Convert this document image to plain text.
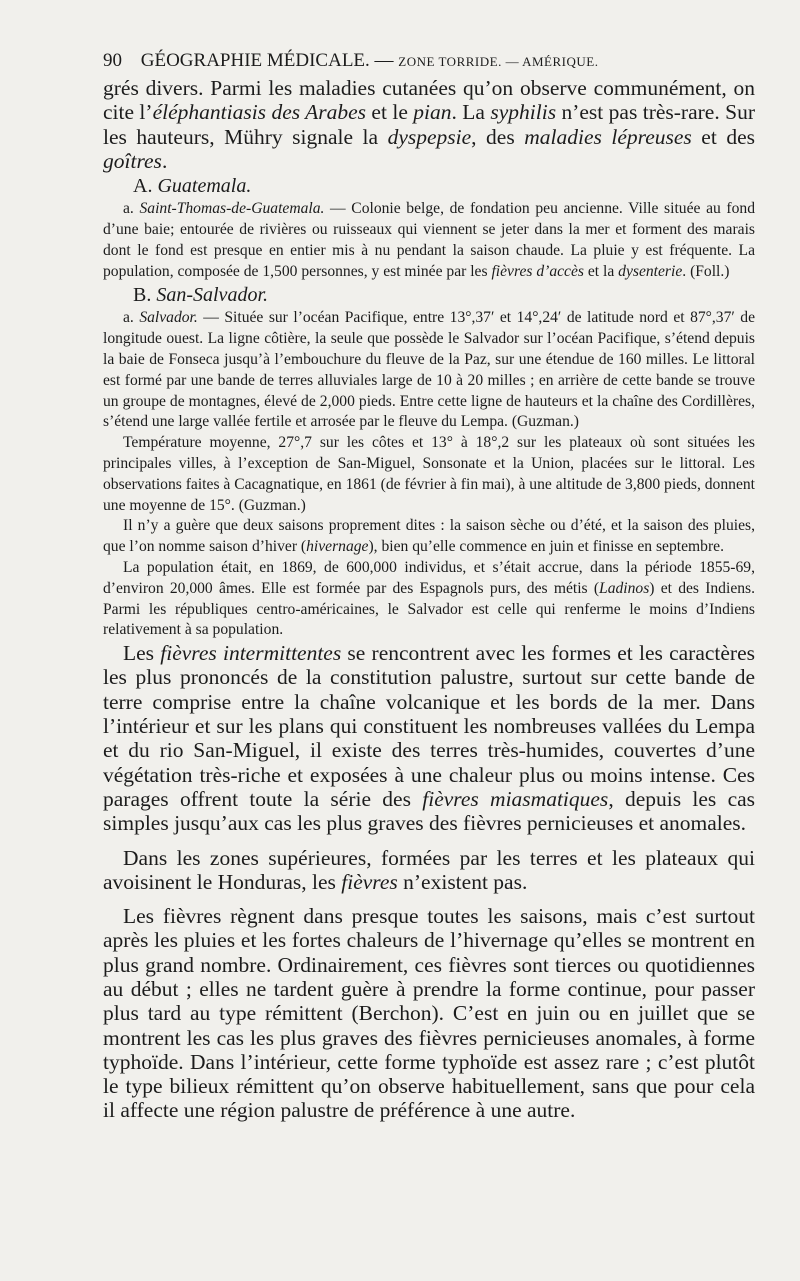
90 GÉOGRAPHIE MÉDICALE. — ZONE TORRIDE. — AMÉRIQUE.

grés divers. Parmi les maladies cutanées qu’on observe communément, on cite l’éléphantiasis des Arabes et le pian. La syphilis n’est pas très-rare. Sur les hauteurs, Mühry signale la dyspepsie, des maladies lépreuses et des goîtres.

A. Guatemala.

a. Saint-Thomas-de-Guatemala. — Colonie belge, de fondation peu ancienne. Ville située au fond d’une baie; entourée de rivières ou ruisseaux qui viennent se jeter dans la mer et forment des marais dont le fond est presque en entier mis à nu pendant la saison chaude. La pluie y est fréquente. La population, composée de 1,500 personnes, y est minée par les fièvres d’accès et la dysenterie. (Foll.)

B. San-Salvador.

a. Salvador. — Située sur l’océan Pacifique, entre 13°,37′ et 14°,24′ de latitude nord et 87°,37′ de longitude ouest. La ligne côtière, la seule que possède le Salvador sur l’océan Pacifique, s’étend depuis la baie de Fonseca jusqu’à l’embouchure du fleuve de la Paz, sur une étendue de 160 milles. Le littoral est formé par une bande de terres alluviales large de 10 à 20 milles ; en arrière de cette bande se trouve un groupe de montagnes, élevé de 2,000 pieds. Entre cette ligne de hauteurs et la chaîne des Cordillères, s’étend une large vallée fertile et arrosée par le fleuve du Lempa. (Guzman.)

Température moyenne, 27°,7 sur les côtes et 13° à 18°,2 sur les plateaux où sont situées les principales villes, à l’exception de San-Miguel, Sonsonate et la Union, placées sur le littoral. Les observations faites à Cacagnatique, en 1861 (de février à fin mai), à une altitude de 3,800 pieds, donnent une moyenne de 15°. (Guzman.)

Il n’y a guère que deux saisons proprement dites : la saison sèche ou d’été, et la saison des pluies, que l’on nomme saison d’hiver (hivernage), bien qu’elle commence en juin et finisse en septembre.

La population était, en 1869, de 600,000 individus, et s’était accrue, dans la période 1855-69, d’environ 20,000 âmes. Elle est formée par des Espagnols purs, des métis (Ladinos) et des Indiens. Parmi les républiques centro-américaines, le Salvador est celle qui renferme le moins d’Indiens relativement à sa population.

Les fièvres intermittentes se rencontrent avec les formes et les caractères les plus prononcés de la constitution palustre, surtout sur cette bande de terre comprise entre la chaîne volcanique et les bords de la mer. Dans l’intérieur et sur les plans qui constituent les nombreuses vallées du Lempa et du rio San-Miguel, il existe des terres très-humides, couvertes d’une végétation très-riche et exposées à une chaleur plus ou moins intense. Ces parages offrent toute la série des fièvres miasmatiques, depuis les cas simples jusqu’aux cas les plus graves des fièvres pernicieuses et anomales.

Dans les zones supérieures, formées par les terres et les plateaux qui avoisinent le Honduras, les fièvres n’existent pas.

Les fièvres règnent dans presque toutes les saisons, mais c’est surtout après les pluies et les fortes chaleurs de l’hivernage qu’elles se montrent en plus grand nombre. Ordinairement, ces fièvres sont tierces ou quotidiennes au début ; elles ne tardent guère à prendre la forme continue, pour passer plus tard au type rémittent (Berchon). C’est en juin ou en juillet que se montrent les cas les plus graves des fièvres pernicieuses anomales, à forme typhoïde. Dans l’intérieur, cette forme typhoïde est assez rare ; c’est plutôt le type bilieux rémittent qu’on observe habituellement, sans que pour cela il affecte une région palustre de préférence à une autre.
